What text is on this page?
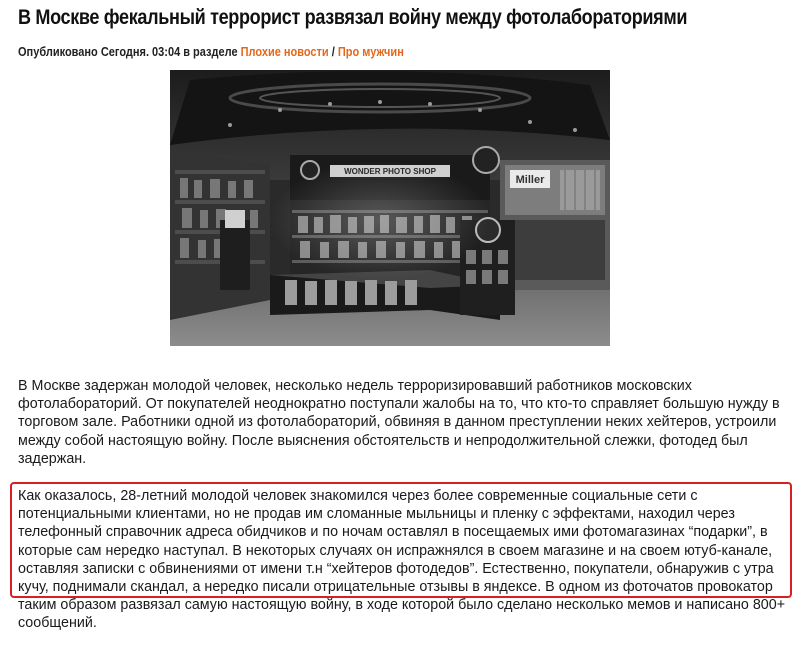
В Москве фекальный террорист развязал войну между фотолабораториями
Опубликовано Сегодня. 03:04 в разделе Плохие новости / Про мужчин
Miller
WONDER PHOTO SHOP

В Москве задержан молодой человек, несколько недель терроризировавший работников московских фотолабораторий. От покупателей неоднократно поступали жалобы на то, что кто-то справляет большую нужду в торговом зале. Работники одной из фотолабораторий, обвиняя в данном преступлении неких хейтеров, устроили между собой настоящую войну. После выяснения обстоятельств и непродолжительной слежки, фотодед был задержан.

Как оказалось, 28-летний молодой человек знакомился через более современные социальные сети с потенциальными клиентами, но не продав им сломанные мыльницы и пленку с эффектами, находил через телефонный справочник адреса обидчиков и по ночам оставлял в посещаемых ими фотомагазинах “подарки”, в которые сам нередко наступал. В некоторых случаях он испражнялся в своем магазине и на своем ютуб-канале, оставляя записки с обвинениями от имени т.н “хейтеров фотодедов”. Естественно, покупатели, обнаружив с утра кучу, поднимали скандал, а нередко писали отрицательные отзывы в яндексе. В одном из фоточатов провокатор таким образом развязал самую настоящую войну, в ходе которой было сделано несколько мемов и написано 800+ сообщений.
